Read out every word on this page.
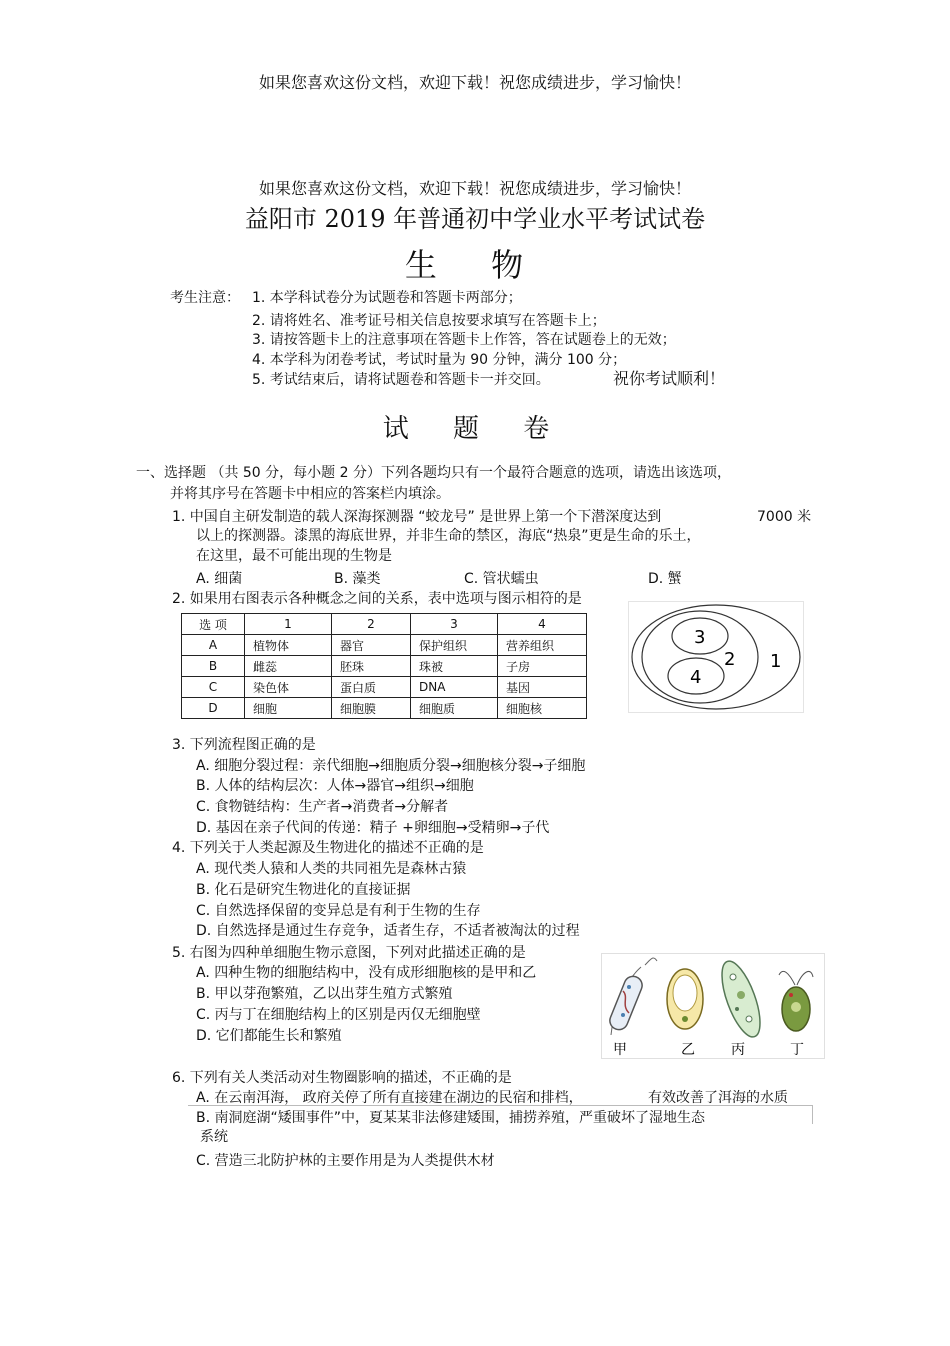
如果您喜欢这份文档，欢迎下载！祝您成绩进步，学习愉快！
如果您喜欢这份文档，欢迎下载！祝您成绩进步，学习愉快！
益阳市 2019 年普通初中学业水平考试试卷
生 物
考生注意： 1. 本学科试卷分为试题卷和答题卡两部分；
2. 请将姓名、准考证号相关信息按要求填写在答题卡上；
3. 请按答题卡上的注意事项在答题卡上作答，答在试题卷上的无效；
4. 本学科为闭卷考试，考试时量为 90 分钟，满分 100 分；
5. 考试结束后，请将试题卷和答题卡一并交回。	祝你考试顺利！
试 题 卷
一、选择题 （共 50 分，每小题 2 分）下列各题均只有一个最符合题意的选项，请选出该选项，
并将其序号在答题卡中相应的答案栏内填涂。
1. 中国自主研发制造的载人深海探测器 “蛟龙号” 是世界上第一个下潜深度达到	7000 米
以上的探测器。漆黑的海底世界，并非生命的禁区，海底“热泉”更是生命的乐土，
在这里，最不可能出现的生物是
A. 细菌	B. 藻类	C. 管状蠕虫	D. 蟹
2. 如果用右图表示各种概念之间的关系，表中选项与图示相符的是
选 项	1	2	3	4
A	植物体	器官	保护组织	营养组织
B	雌蕊	胚珠	珠被	子房
C	染色体	蛋白质	DNA	基因
D	细胞	细胞膜	细胞质	细胞核
1
2
3
4
3. 下列流程图正确的是
A. 细胞分裂过程：亲代细胞→细胞质分裂→细胞核分裂→子细胞
B. 人体的结构层次：人体→器官→组织→细胞
C. 食物链结构：生产者→消费者→分解者
D. 基因在亲子代间的传递：精子 +卵细胞→受精卵→子代
4. 下列关于人类起源及生物进化的描述不正确的是
A. 现代类人猿和人类的共同祖先是森林古猿
B. 化石是研究生物进化的直接证据
C. 自然选择保留的变异总是有利于生物的生存
D. 自然选择是通过生存竞争，适者生存，不适者被淘汰的过程
5. 右图为四种单细胞生物示意图，下列对此描述正确的是
A. 四种生物的细胞结构中，没有成形细胞核的是甲和乙
B. 甲以芽孢繁殖，乙以出芽生殖方式繁殖
C. 丙与丁在细胞结构上的区别是丙仅无细胞壁
D. 它们都能生长和繁殖
甲	乙	丙	丁
6. 下列有关人类活动对生物圈影响的描述，不正确的是
A. 在云南洱海， 政府关停了所有直接建在湖边的民宿和排档，	有效改善了洱海的水质
B. 南洞庭湖“矮围事件”中，夏某某非法修建矮围，捕捞养殖，严重破坏了湿地生态
系统
C. 营造三北防护林的主要作用是为人类提供木材
